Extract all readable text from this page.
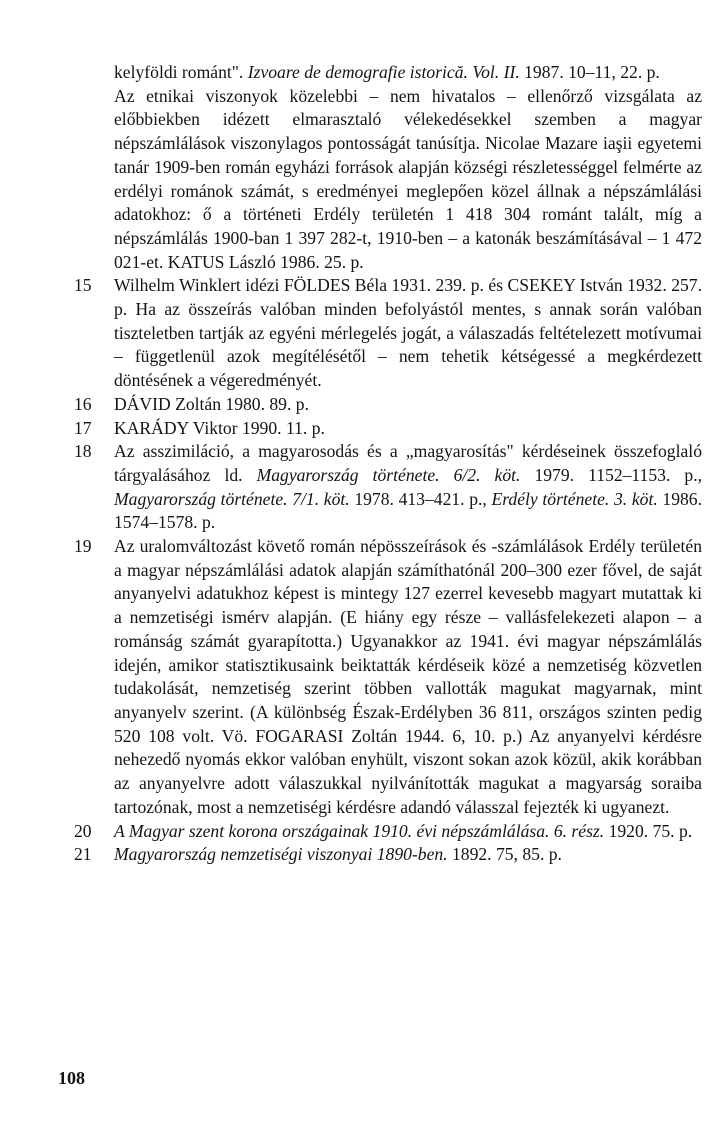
kelyföldi románt". Izvoare de demografie istorică. Vol. II. 1987. 10–11, 22. p.
Az etnikai viszonyok közelebbi – nem hivatalos – ellenőrző vizsgálata az előbbiekben idézett elmarasztaló vélekedésekkel szemben a magyar népszámlálások viszonylagos pontosságát tanúsítja. Nicolae Mazare iaşii egyetemi tanár 1909-ben román egyházi források alapján községi részletességgel felmérte az erdélyi románok számát, s eredményei meglepően közel állnak a népszámlálási adatokhoz: ő a történeti Erdély területén 1 418 304 románt talált, míg a népszámlálás 1900-ban 1 397 282-t, 1910-ben – a katonák beszámításával – 1 472 021-et. KATUS László 1986. 25. p.
15	Wilhelm Winklert idézi FÖLDES Béla 1931. 239. p. és CSEKEY István 1932. 257. p. Ha az összeírás valóban minden befolyástól mentes, s annak során valóban tiszteletben tartják az egyéni mérlegelés jogát, a válaszadás feltételezett motívumai – függetlenül azok megítélésétől – nem tehetik kétségessé a megkérdezett döntésének a végeredményét.
16	DÁVID Zoltán 1980. 89. p.
17	KARÁDY Viktor 1990. 11. p.
18	Az asszimiláció, a magyarosodás és a „magyarosítás" kérdéseinek összefoglaló tárgyalásához ld. Magyarország története. 6/2. köt. 1979. 1152–1153. p., Magyarország története. 7/1. köt. 1978. 413–421. p., Erdély története. 3. köt. 1986. 1574–1578. p.
19	Az uralomváltozást követő román népösszeírások és -számlálások Erdély területén a magyar népszámlálási adatok alapján számíthatónál 200–300 ezer fővel, de saját anyanyelvi adatukhoz képest is mintegy 127 ezerrel kevesebb magyart mutattak ki a nemzetiségi ismérv alapján. (E hiány egy része – vallásfelekezeti alapon – a románság számát gyarapította.) Ugyanakkor az 1941. évi magyar népszámlálás idején, amikor statisztikusaink beiktatták kérdéseik közé a nemzetiség közvetlen tudakolását, nemzetiség szerint többen vallották magukat magyarnak, mint anyanyelv szerint. (A különbség Észak-Erdélyben 36 811, országos szinten pedig 520 108 volt. Vö. FOGARASI Zoltán 1944. 6, 10. p.) Az anyanyelvi kérdésre nehezedő nyomás ekkor valóban enyhült, viszont sokan azok közül, akik korábban az anyanyelvre adott válaszukkal nyilvánították magukat a magyarság soraiba tartozónak, most a nemzetiségi kérdésre adandó válasszal fejezték ki ugyanezt.
20	A Magyar szent korona országainak 1910. évi népszámlálása. 6. rész. 1920. 75. p.
21	Magyarország nemzetiségi viszonyai 1890-ben. 1892. 75, 85. p.
108
